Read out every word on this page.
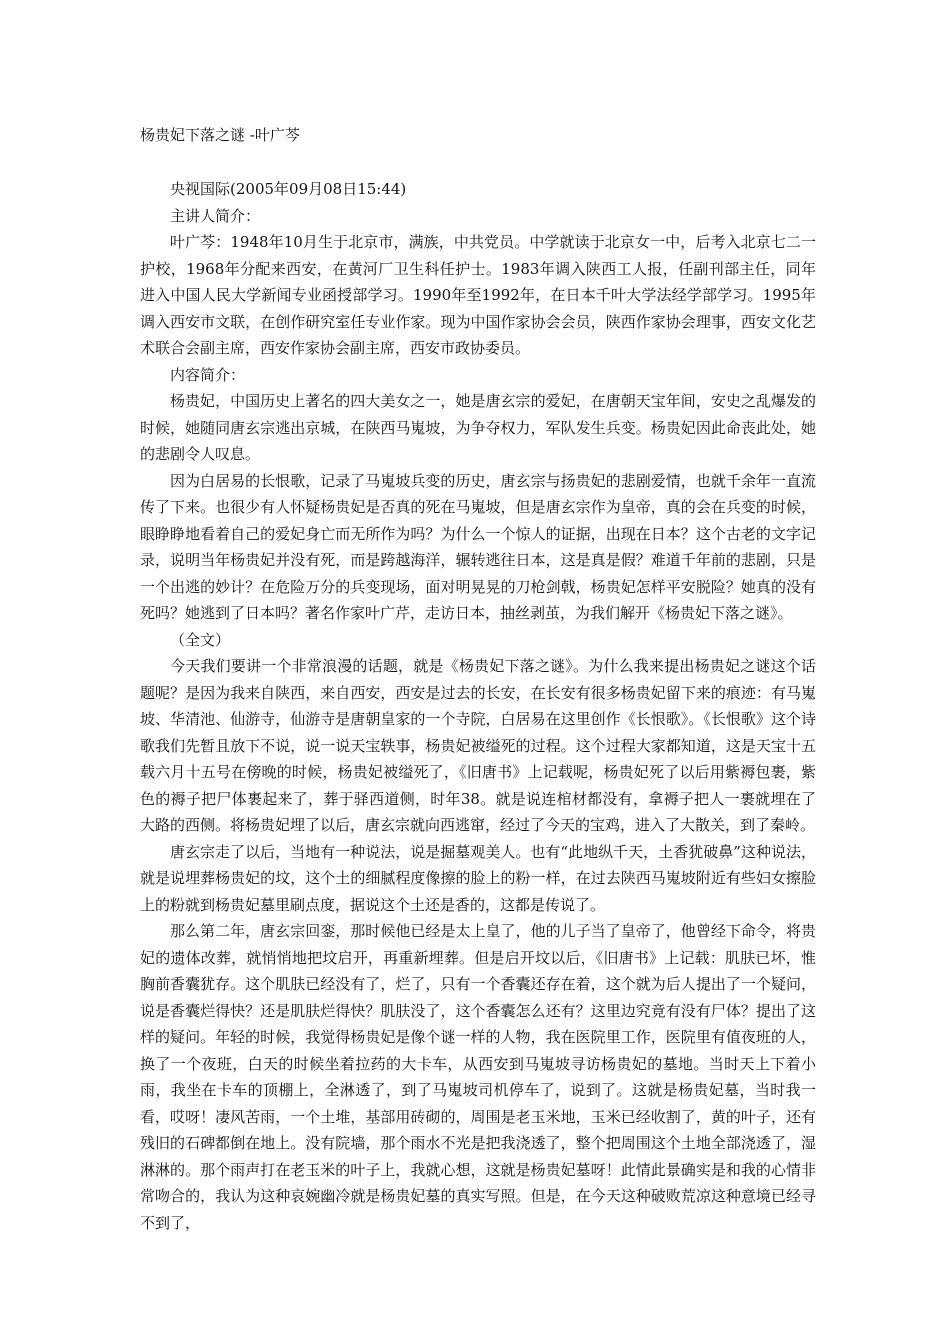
杨贵妃下落之谜 -叶广芩

央视国际(2005年09月08日15:44)

主讲人简介：

叶广芩：1948年10月生于北京市，满族，中共党员。中学就读于北京女一中，后考入北京七二一护校，1968年分配来西安，在黄河厂卫生科任护士。1983年调入陕西工人报，任副刊部主任，同年进入中国人民大学新闻专业函授部学习。1990年至1992年，在日本千叶大学法经学部学习。1995年调入西安市文联，在创作研究室任专业作家。现为中国作家协会会员，陕西作家协会理事，西安文化艺术联合会副主席，西安作家协会副主席，西安市政协委员。

内容简介：

杨贵妃，中国历史上著名的四大美女之一，她是唐玄宗的爱妃，在唐朝天宝年间，安史之乱爆发的时候，她随同唐玄宗逃出京城，在陕西马嵬坡，为争夺权力，军队发生兵变。杨贵妃因此命丧此处，她的悲剧令人叹息。

因为白居易的长恨歌，记录了马嵬坡兵变的历史，唐玄宗与扬贵妃的悲剧爱情，也就千余年一直流传了下来。也很少有人怀疑杨贵妃是否真的死在马嵬坡，但是唐玄宗作为皇帝，真的会在兵变的时候，眼睁睁地看着自己的爱妃身亡而无所作为吗？为什么一个惊人的证据，出现在日本？这个古老的文字记录，说明当年杨贵妃并没有死，而是跨越海洋，辗转逃往日本，这是真是假？难道千年前的悲剧，只是一个出逃的妙计？在危险万分的兵变现场，面对明晃晃的刀枪剑戟，杨贵妃怎样平安脱险？她真的没有死吗？她逃到了日本吗？著名作家叶广芹，走访日本，抽丝剥茧，为我们解开《杨贵妃下落之谜》。

（全文）

今天我们要讲一个非常浪漫的话题，就是《杨贵妃下落之谜》。为什么我来提出杨贵妃之谜这个话题呢？是因为我来自陕西，来自西安，西安是过去的长安，在长安有很多杨贵妃留下来的痕迹：有马嵬坡、华清池、仙游寺，仙游寺是唐朝皇家的一个寺院，白居易在这里创作《长恨歌》。《长恨歌》这个诗歌我们先暂且放下不说，说一说天宝轶事，杨贵妃被缢死的过程。这个过程大家都知道，这是天宝十五载六月十五号在傍晚的时候，杨贵妃被缢死了，《旧唐书》上记载呢，杨贵妃死了以后用紫褥包裹，紫色的褥子把尸体裹起来了，葬于驿西道侧，时年38。就是说连棺材都没有，拿褥子把人一裹就埋在了大路的西侧。将杨贵妃埋了以后，唐玄宗就向西逃窜，经过了今天的宝鸡，进入了大散关，到了秦岭。

唐玄宗走了以后，当地有一种说法，说是掘墓观美人。也有“此地纵千天，土香犹破鼻”这种说法，就是说埋葬杨贵妃的坟，这个土的细腻程度像擦的脸上的粉一样，在过去陕西马嵬坡附近有些妇女擦脸上的粉就到杨贵妃墓里刷点度，据说这个土还是香的，这都是传说了。

那么第二年，唐玄宗回銮，那时候他已经是太上皇了，他的儿子当了皇帝了，他曾经下命令，将贵妃的遗体改葬，就悄悄地把坟启开，再重新埋葬。但是启开坟以后，《旧唐书》上记载：肌肤已坏，惟胸前香囊犹存。这个肌肤已经没有了，烂了，只有一个香囊还存在着，这个就为后人提出了一个疑问，说是香囊烂得快？还是肌肤烂得快？肌肤没了，这个香囊怎么还有？这里边究竟有没有尸体？提出了这样的疑问。年轻的时候，我觉得杨贵妃是像个谜一样的人物，我在医院里工作，医院里有值夜班的人，换了一个夜班，白天的时候坐着拉药的大卡车，从西安到马嵬坡寻访杨贵妃的墓地。当时天上下着小雨，我坐在卡车的顶棚上，全淋透了，到了马嵬坡司机停车了，说到了。这就是杨贵妃墓，当时我一看，哎呀！凄风苦雨，一个土堆，基部用砖砌的，周围是老玉米地，玉米已经收割了，黄的叶子，还有残旧的石碑都倒在地上。没有院墙，那个雨水不光是把我浇透了，整个把周围这个土地全部浇透了，湿淋淋的。那个雨声打在老玉米的叶子上，我就心想，这就是杨贵妃墓呀！此情此景确实是和我的心情非常吻合的，我认为这种哀婉幽冷就是杨贵妃墓的真实写照。但是，在今天这种破败荒凉这种意境已经寻不到了，
